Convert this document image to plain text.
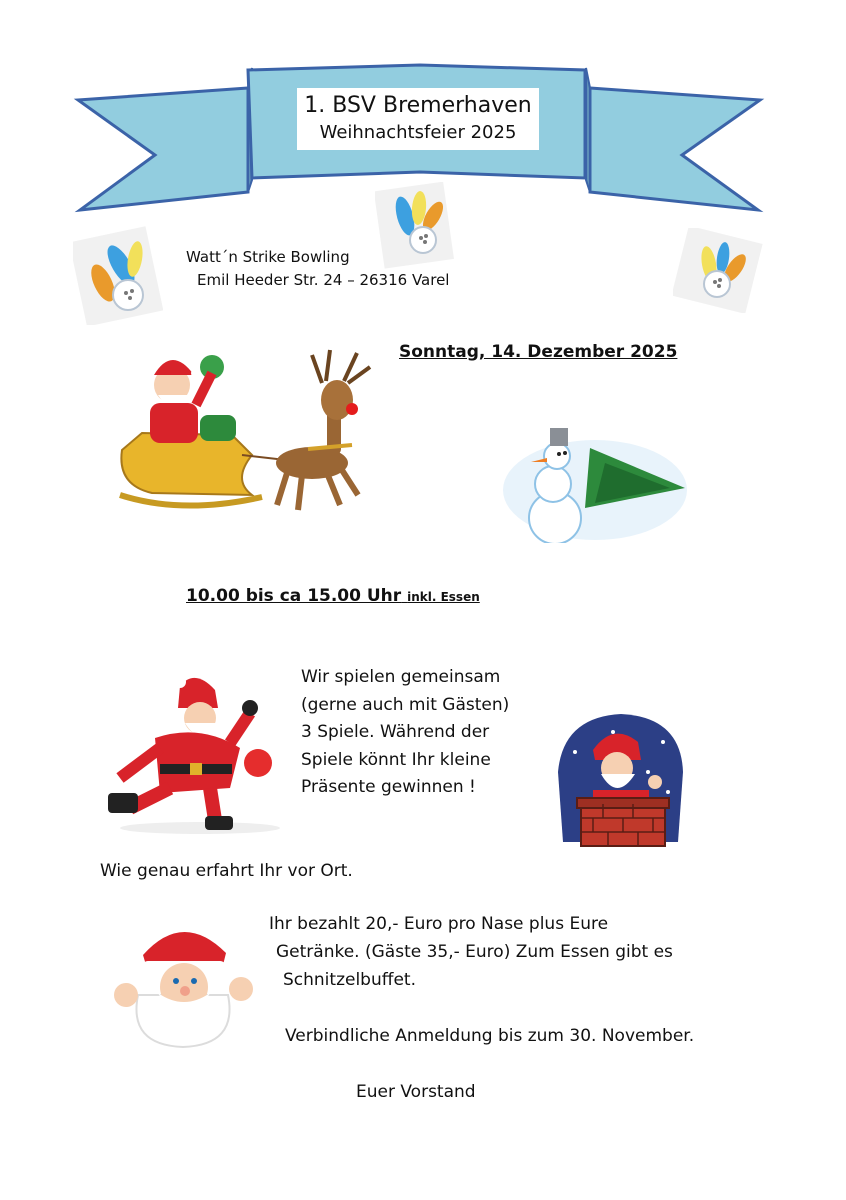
1. BSV Bremerhaven
Weihnachtsfeier 2025
Watt´n Strike Bowling
Emil Heeder Str. 24 – 26316 Varel
Sonntag, 14. Dezember 2025
10.00 bis ca 15.00 Uhr inkl. Essen
Wir spielen gemeinsam
(gerne auch mit Gästen)
3 Spiele. Während der
Spiele könnt Ihr kleine
Präsente gewinnen !
Wie genau erfahrt Ihr vor Ort.
Ihr bezahlt 20,- Euro pro Nase plus Eure
Getränke. (Gäste 35,- Euro) Zum Essen gibt es
Schnitzelbuffet.
Verbindliche Anmeldung bis zum 30. November.
Euer Vorstand
